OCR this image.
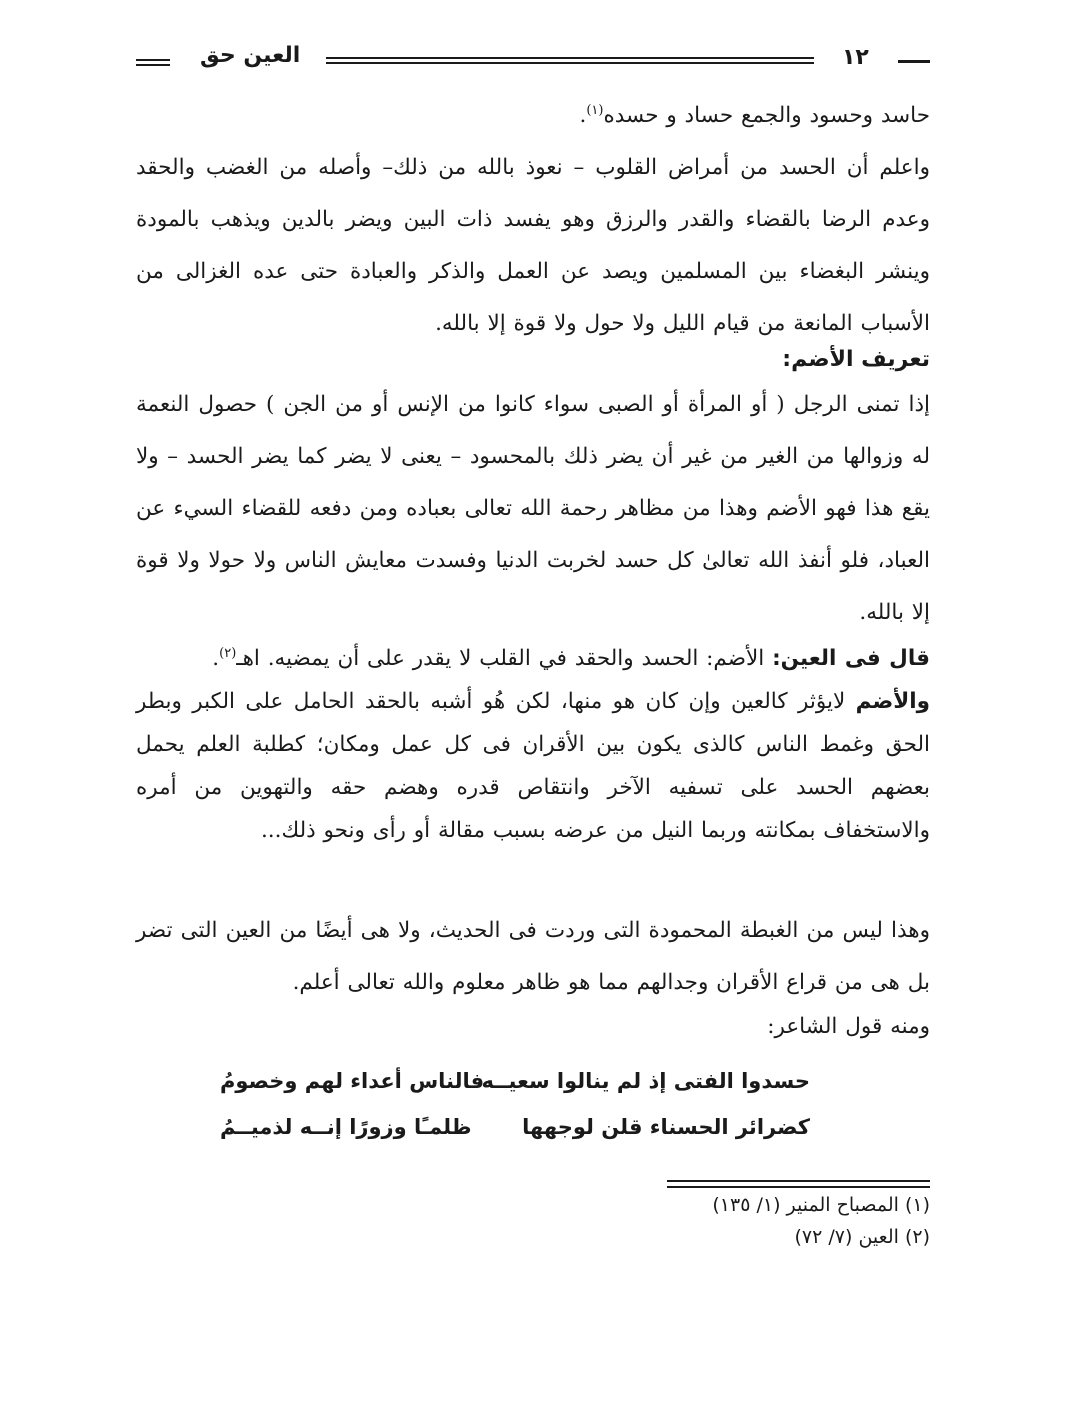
١٢
العين حق

حاسد وحسود والجمع حساد و حسده$^{(١)}$.

واعلم أن الحسد من أمراض القلوب – نعوذ بالله من ذلك– وأصله من الغضب والحقد وعدم الرضا بالقضاء والقدر والرزق وهو يفسد ذات البين ويضر بالدين ويذهب بالمودة وينشر البغضاء بين المسلمين ويصد عن العمل والذكر والعبادة حتى عده الغزالى من الأسباب المانعة من قيام الليل ولا حول ولا قوة إلا بالله.

تعريف الأضم:

إذا تمنى الرجل ( أو المرأة أو الصبى سواء كانوا من الإنس أو من الجن ) حصول النعمة له وزوالها من الغير من غير أن يضر ذلك بالمحسود – يعنى لا يضر كما يضر الحسد – ولا يقع هذا فهو الأضم وهذا من مظاهر رحمة الله تعالى بعباده ومن دفعه للقضاء السيء عن العباد، فلو أنفذ الله تعالىٰ كل حسد لخربت الدنيا وفسدت معايش الناس ولا حولا ولا قوة إلا بالله.

قال فى العين: الأضم: الحسد والحقد في القلب لا يقدر على أن يمضيه. اهـ$^{(٢)}$.

والأضم لايؤثر كالعين وإن كان هو منها، لكن هُو أشبه بالحقد الحامل على الكبر وبطر الحق وغمط الناس كالذى يكون بين الأقران فى كل عمل ومكان؛ كطلبة العلم يحمل بعضهم الحسد على تسفيه الآخر وانتقاص قدره وهضم حقه والتهوين من أمره والاستخفاف بمكانته وربما النيل من عرضه بسبب مقالة أو رأى ونحو ذلك...

وهذا ليس من الغبطة المحمودة التى وردت فى الحديث، ولا هى أيضًا من العين التى تضر بل هى من قراع الأقران وجدالهم مما هو ظاهر معلوم والله تعالى أعلم.

ومنه قول الشاعر:

حسدوا الفتى إذ لم ينالوا سعيــه
فالناس أعداء لهم وخصومُ
كضرائر الحسناء قلن لوجهها
ظلمـًا وزورًا إنــه لذميــمُ
(١) المصباح المنير (١/ ١٣٥)
(٢) العين (٧/ ٧٢)
